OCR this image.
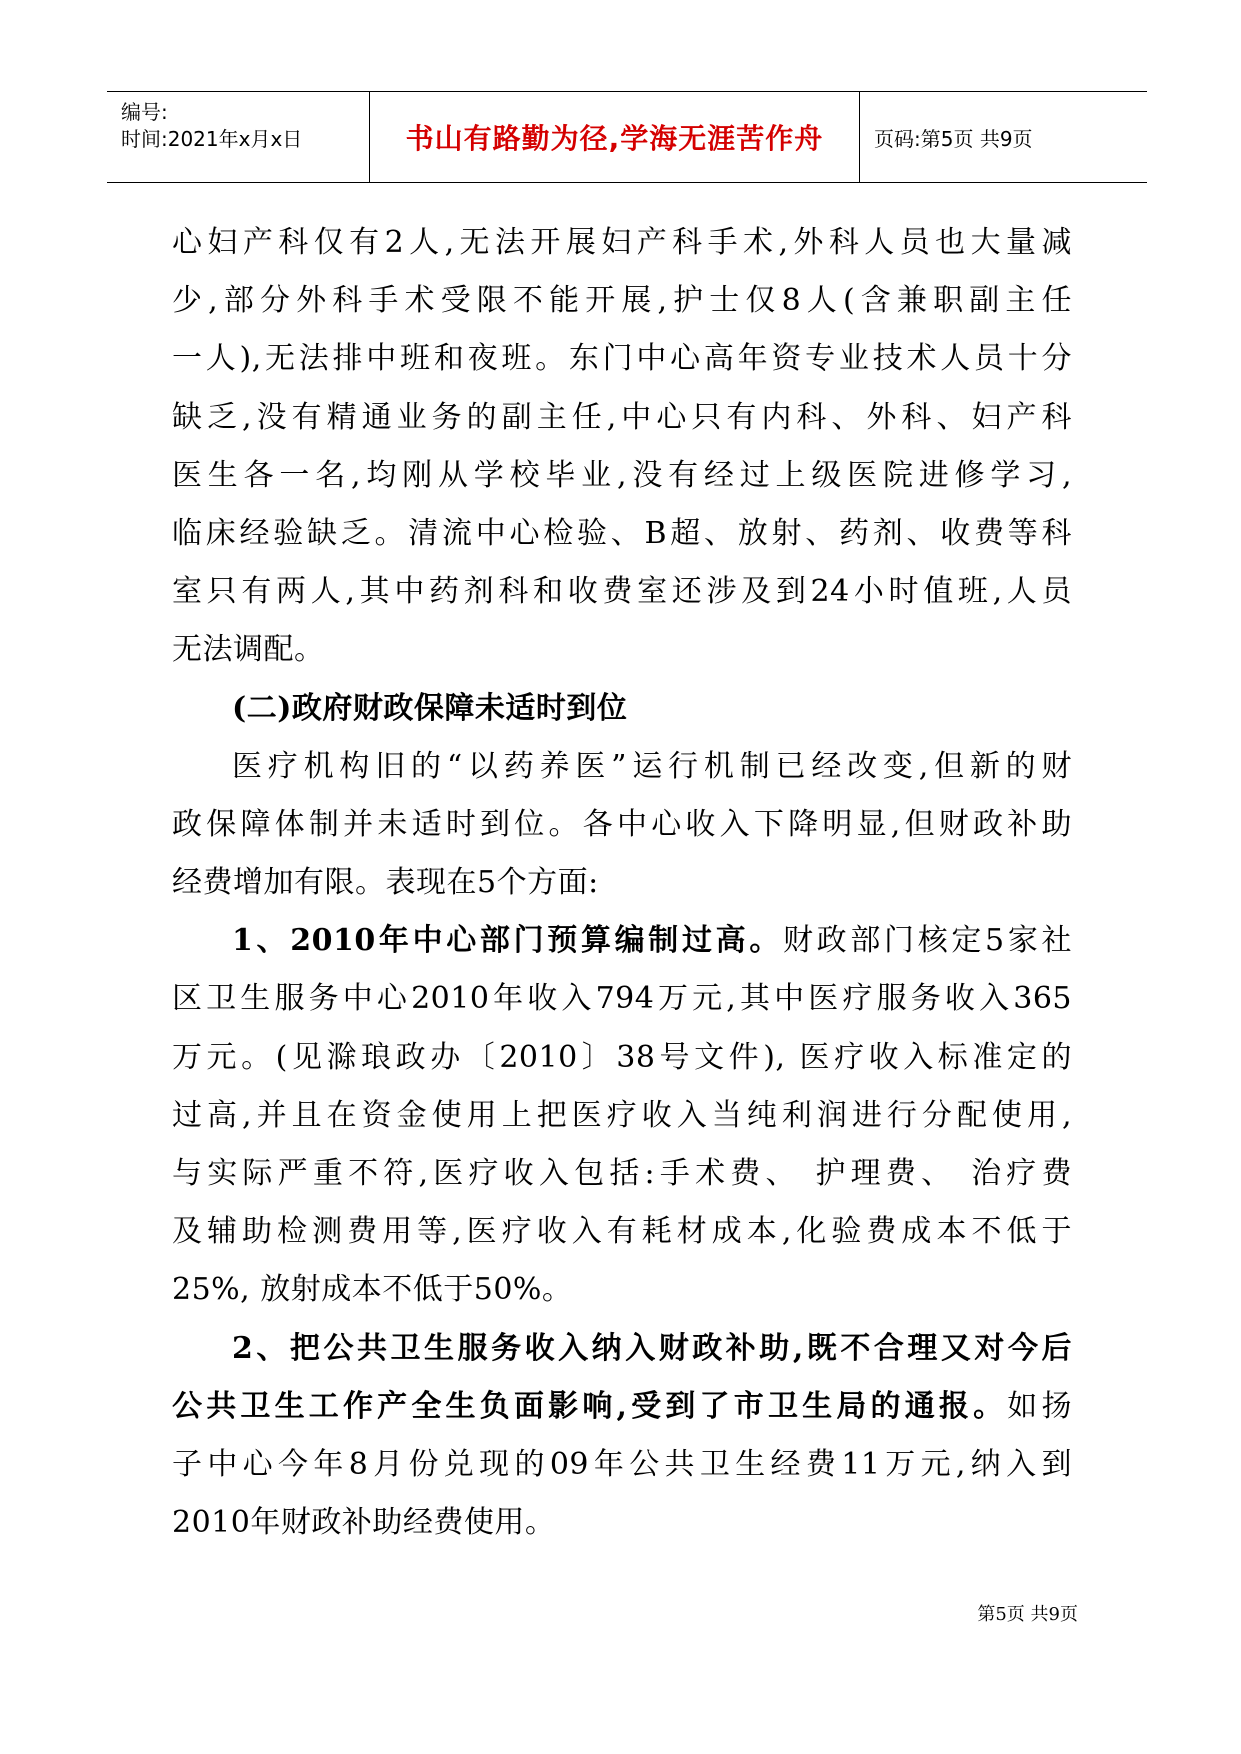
编号:
时间:2021年x月x日	书山有路勤为径,学海无涯苦作舟	页码:第5页 共9页
心妇产科仅有2人,无法开展妇产科手术,外科人员也大量减
少,部分外科手术受限不能开展,护士仅8人(含兼职副主任
一人),无法排中班和夜班。东门中心高年资专业技术人员十分
缺乏,没有精通业务的副主任,中心只有内科、外科、妇产科
医生各一名,均刚从学校毕业,没有经过上级医院进修学习,
临床经验缺乏。清流中心检验、B超、放射、药剂、收费等科
室只有两人,其中药剂科和收费室还涉及到24小时值班,人员
无法调配。
(二)政府财政保障未适时到位
医疗机构旧的“以药养医”运行机制已经改变,但新的财
政保障体制并未适时到位。各中心收入下降明显,但财政补助
经费增加有限。表现在5个方面:
1、2010年中心部门预算编制过高。财政部门核定5家社
区卫生服务中心2010年收入794万元,其中医疗服务收入365
万元。(见滁琅政办〔2010〕38号文件), 医疗收入标准定的
过高,并且在资金使用上把医疗收入当纯利润进行分配使用,
与实际严重不符,医疗收入包括:手术费、 护理费、 治疗费
及辅助检测费用等,医疗收入有耗材成本,化验费成本不低于
25%, 放射成本不低于50%。
2、把公共卫生服务收入纳入财政补助,既不合理又对今后
公共卫生工作产全生负面影响,受到了市卫生局的通报。如扬
子中心今年8月份兑现的09年公共卫生经费11万元,纳入到
2010年财政补助经费使用。
第5页 共9页
